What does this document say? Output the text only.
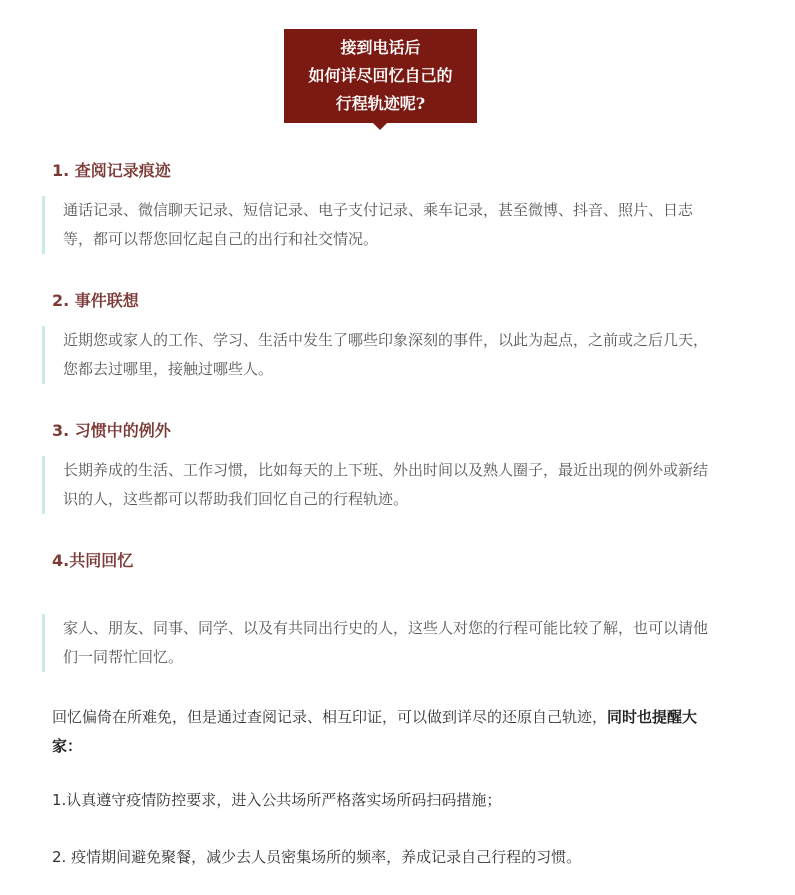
接到电话后
如何详尽回忆自己的
行程轨迹呢?
1. 查阅记录痕迹
通话记录、微信聊天记录、短信记录、电子支付记录、乘车记录，甚至微博、抖音、照片、日志等，都可以帮您回忆起自己的出行和社交情况。
2. 事件联想
近期您或家人的工作、学习、生活中发生了哪些印象深刻的事件，以此为起点，之前或之后几天，您都去过哪里，接触过哪些人。
3. 习惯中的例外
长期养成的生活、工作习惯，比如每天的上下班、外出时间以及熟人圈子，最近出现的例外或新结识的人，这些都可以帮助我们回忆自己的行程轨迹。
4.共同回忆
家人、朋友、同事、同学、以及有共同出行史的人，这些人对您的行程可能比较了解，也可以请他们一同帮忙回忆。
回忆偏倚在所难免，但是通过查阅记录、相互印证，可以做到详尽的还原自己轨迹，同时也提醒大家：
1.认真遵守疫情防控要求，进入公共场所严格落实场所码扫码措施；
2. 疫情期间避免聚餐，减少去人员密集场所的频率，养成记录自己行程的习惯。
